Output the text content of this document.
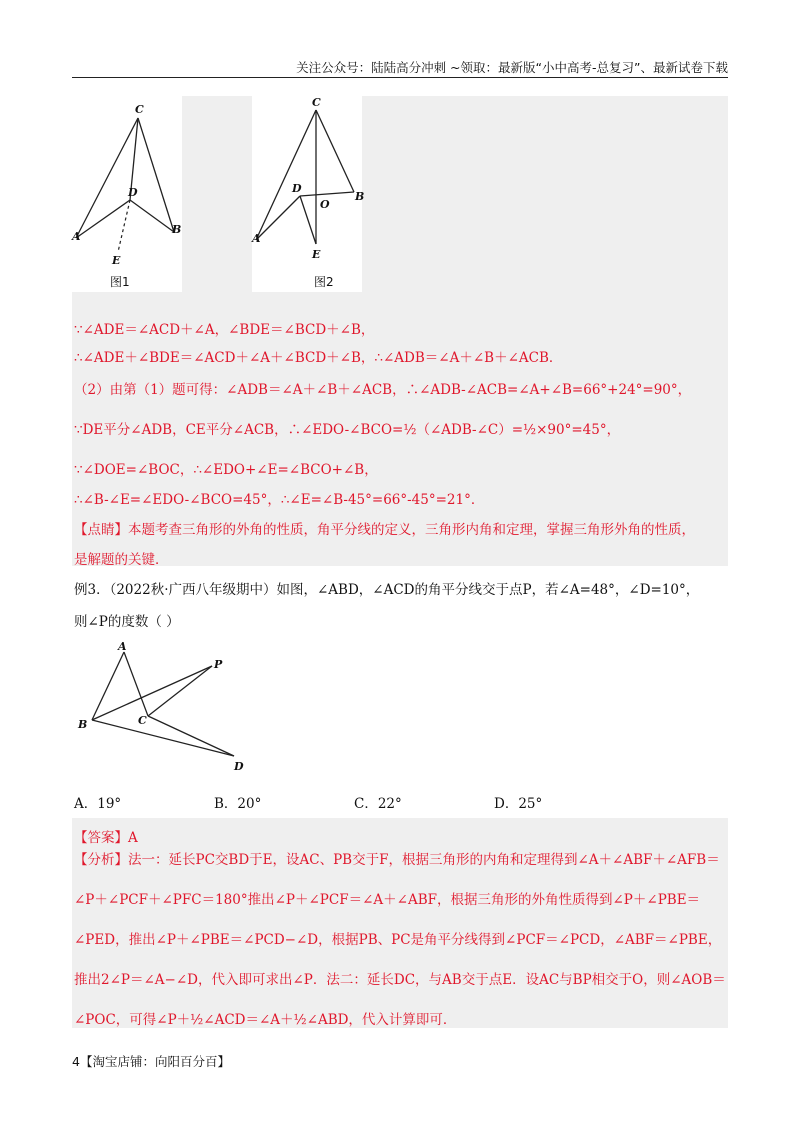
关注公众号：陆陆高分冲刺 ~领取：最新版“小中高考-总复习”、最新试卷下载
C
D
A
B
E
图1
C
D
A
B
O
E
图2
∵∠ADE＝∠ACD＋∠A，∠BDE＝∠BCD＋∠B，
∴∠ADE＋∠BDE＝∠ACD＋∠A＋∠BCD＋∠B，∴∠ADB＝∠A＋∠B＋∠ACB．
（2）由第（1）题可得：∠ADB＝∠A＋∠B＋∠ACB，∴∠ADB-∠ACB=∠A+∠B=66°+24°=90°，
∵DE平分∠ADB，CE平分∠ACB，∴∠EDO-∠BCO=½（∠ADB-∠C）=½×90°=45°，
∵∠DOE=∠BOC，∴∠EDO+∠E=∠BCO+∠B，
∴∠B-∠E=∠EDO-∠BCO=45°，∴∠E=∠B-45°=66°-45°=21°．
【点睛】本题考查三角形的外角的性质，角平分线的定义，三角形内角和定理，掌握三角形外角的性质，
是解题的关键．
例3．（2022秋·广西八年级期中）如图，∠ABD，∠ACD的角平分线交于点P，若∠A=48°，∠D=10°，
则∠P的度数（ ）
A
B	C
P
D
A．19°	B．20°	C．22°	D．25°
【答案】A
【分析】法一：延长PC交BD于E，设AC、PB交于F，根据三角形的内角和定理得到∠A＋∠ABF＋∠AFB＝∠P＋∠PCF＋∠PFC＝180°推出∠P＋∠PCF＝∠A＋∠ABF，根据三角形的外角性质得到∠P＋∠PBE＝∠PED，推出∠P＋∠PBE＝∠PCD−∠D，根据PB、PC是角平分线得到∠PCF＝∠PCD，∠ABF＝∠PBE，推出2∠P＝∠A−∠D，代入即可求出∠P．法二：延长DC，与AB交于点E．设AC与BP相交于O，则∠AOB＝∠POC，可得∠P＋½∠ACD＝∠A＋½∠ABD，代入计算即可．
4【淘宝店铺：向阳百分百】
